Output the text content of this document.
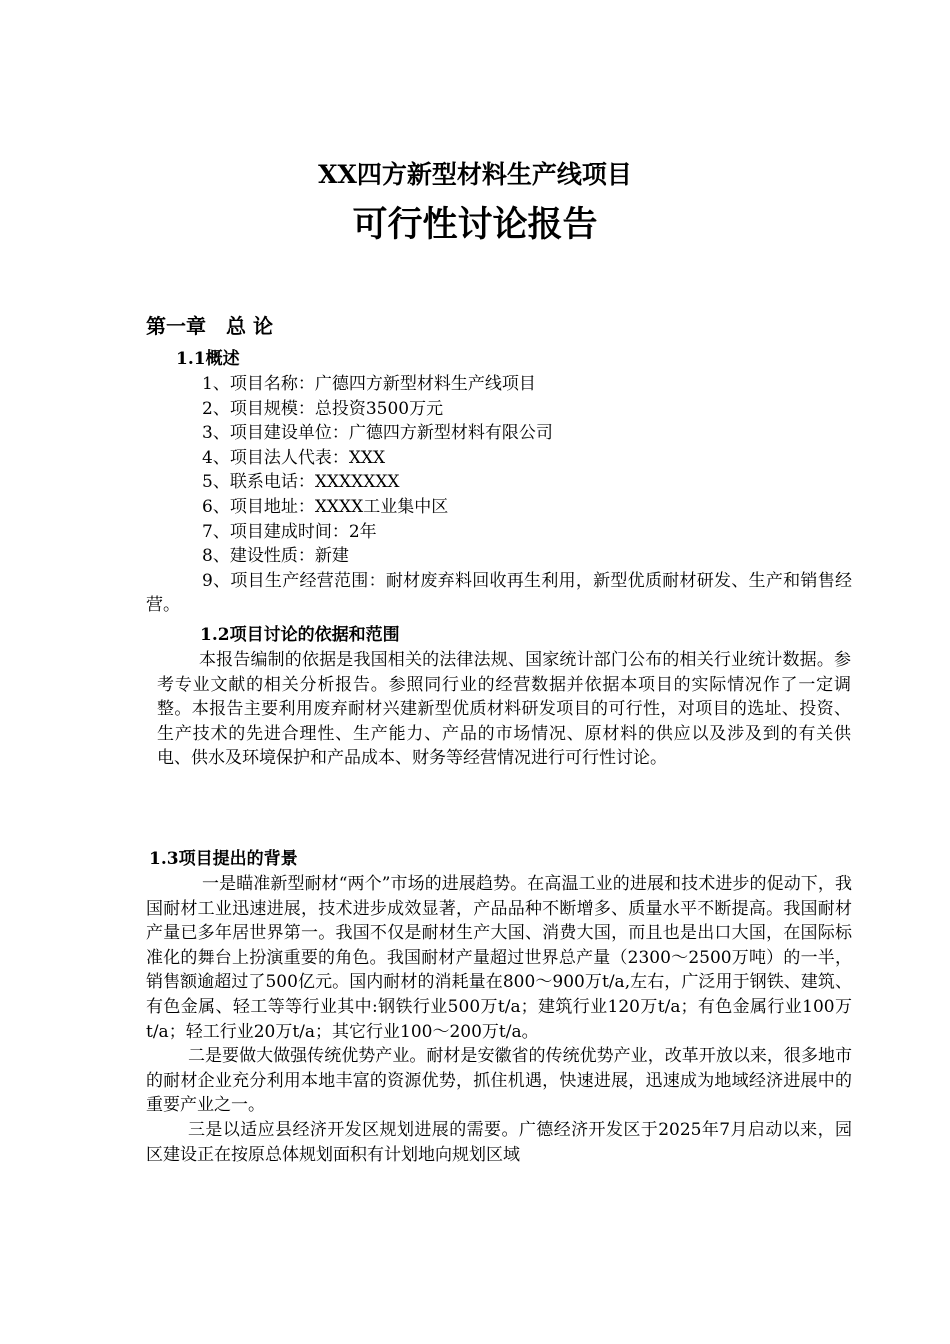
XX四方新型材料生产线项目
可行性讨论报告
第一章　总 论
1.1概述
1、项目名称：广德四方新型材料生产线项目
2、项目规模：总投资3500万元
3、项目建设单位：广德四方新型材料有限公司
4、项目法人代表：XXX
5、联系电话：XXXXXXX
6、项目地址：XXXX工业集中区
7、项目建成时间：2年
8、建设性质：新建
9、项目生产经营范围：耐材废弃料回收再生利用，新型优质耐材研发、生产和销售经营。
1.2项目讨论的依据和范围

本报告编制的依据是我国相关的法律法规、国家统计部门公布的相关行业统计数据。参考专业文献的相关分析报告。参照同行业的经营数据并依据本项目的实际情况作了一定调整。本报告主要利用废弃耐材兴建新型优质材料研发项目的可行性，对项目的选址、投资、生产技术的先进合理性、生产能力、产品的市场情况、原材料的供应以及涉及到的有关供电、供水及环境保护和产品成本、财务等经营情况进行可行性讨论。

1.3项目提出的背景

一是瞄准新型耐材“两个”市场的进展趋势。在高温工业的进展和技术进步的促动下，我国耐材工业迅速进展，技术进步成效显著，产品品种不断增多、质量水平不断提高。我国耐材产量已多年居世界第一。我国不仅是耐材生产大国、消费大国，而且也是出口大国，在国际标准化的舞台上扮演重要的角色。我国耐材产量超过世界总产量（2300～2500万吨）的一半，销售额逾超过了500亿元。国内耐材的消耗量在800～900万t/a,左右，广泛用于钢铁、建筑、有色金属、轻工等等行业其中:钢铁行业500万t/a；建筑行业120万t/a；有色金属行业100万t/a；轻工行业20万t/a；其它行业100～200万t/a。

二是要做大做强传统优势产业。耐材是安徽省的传统优势产业，改革开放以来，很多地市的耐材企业充分利用本地丰富的资源优势，抓住机遇，快速进展，迅速成为地域经济进展中的重要产业之一。

三是以适应县经济开发区规划进展的需要。广德经济开发区于2025年7月启动以来，园区建设正在按原总体规划面积有计划地向规划区域
